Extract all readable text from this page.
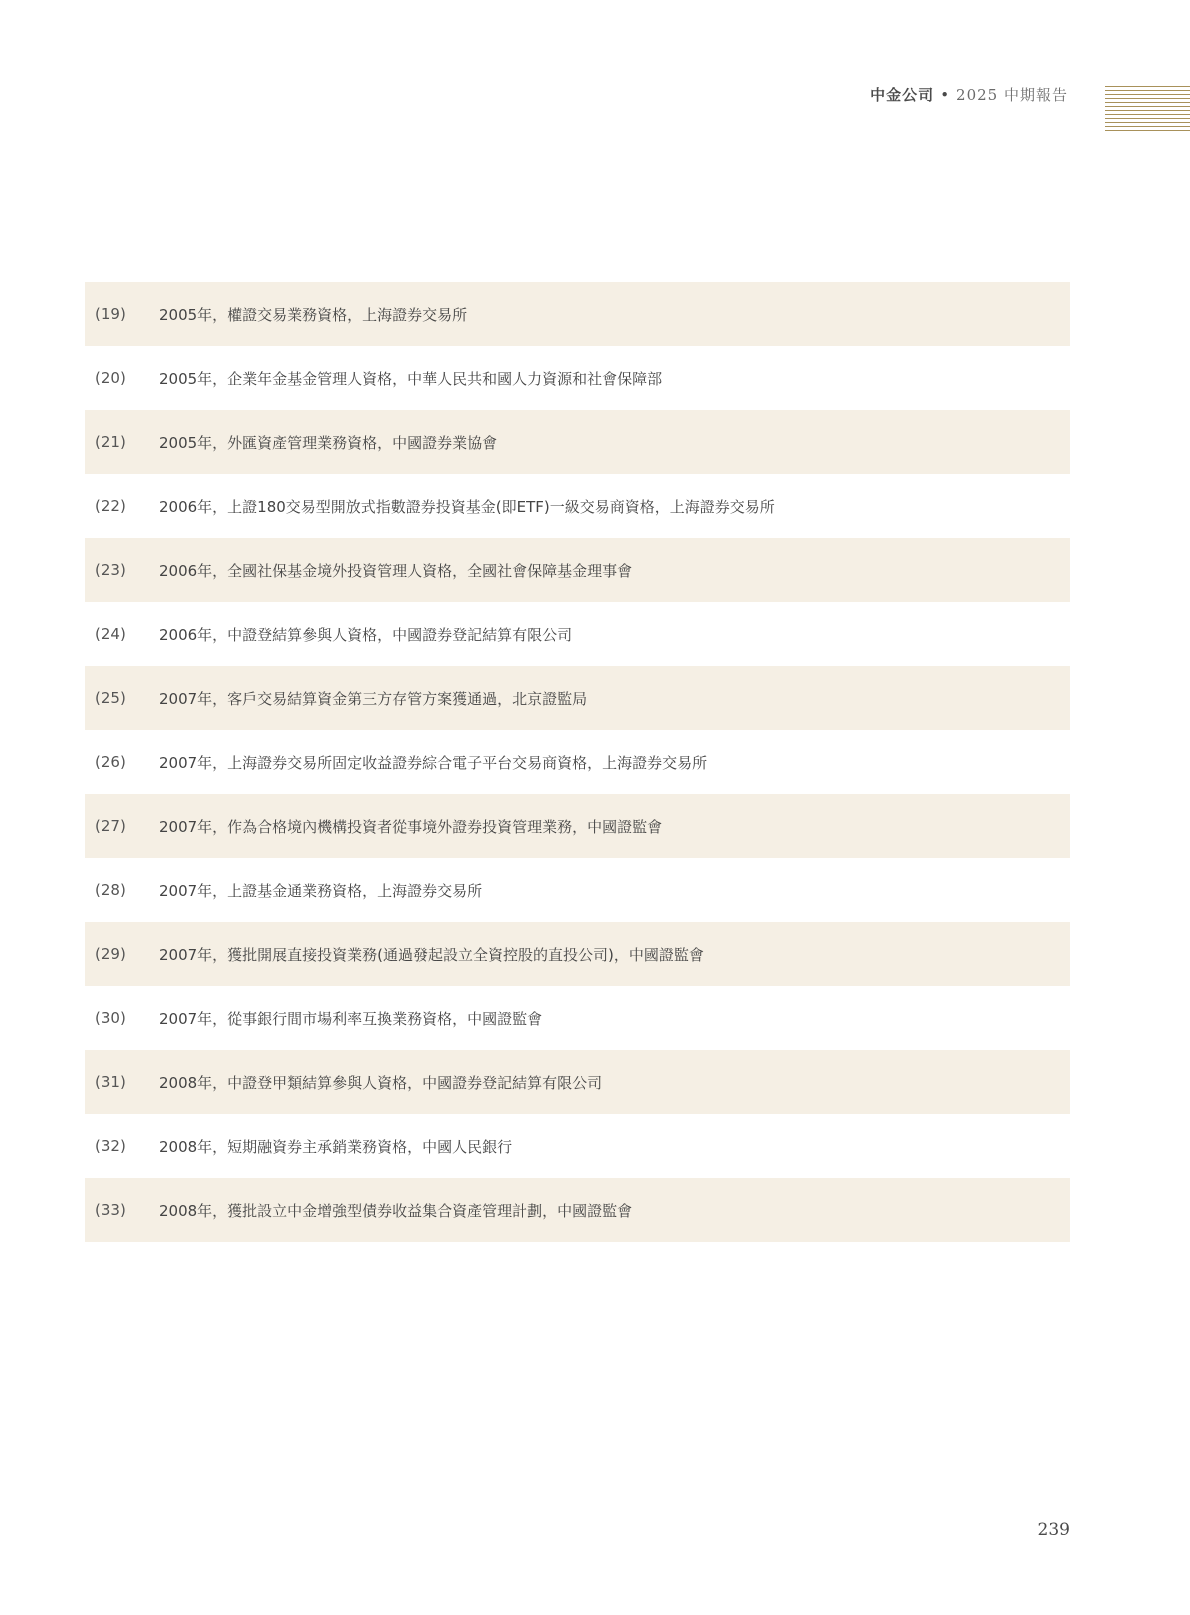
中金公司 • 2025 中期報告
(19)	2005年，權證交易業務資格，上海證券交易所
(20)	2005年，企業年金基金管理人資格，中華人民共和國人力資源和社會保障部
(21)	2005年，外匯資產管理業務資格，中國證券業協會
(22)	2006年，上證180交易型開放式指數證券投資基金(即ETF)一級交易商資格，上海證券交易所
(23)	2006年，全國社保基金境外投資管理人資格，全國社會保障基金理事會
(24)	2006年，中證登結算參與人資格，中國證券登記結算有限公司
(25)	2007年，客戶交易結算資金第三方存管方案獲通過，北京證監局
(26)	2007年，上海證券交易所固定收益證券綜合電子平台交易商資格，上海證券交易所
(27)	2007年，作為合格境內機構投資者從事境外證券投資管理業務，中國證監會
(28)	2007年，上證基金通業務資格，上海證券交易所
(29)	2007年，獲批開展直接投資業務(通過發起設立全資控股的直投公司)，中國證監會
(30)	2007年，從事銀行間市場利率互換業務資格，中國證監會
(31)	2008年，中證登甲類結算參與人資格，中國證券登記結算有限公司
(32)	2008年，短期融資券主承銷業務資格，中國人民銀行
(33)	2008年，獲批設立中金增強型債券收益集合資產管理計劃，中國證監會
239
